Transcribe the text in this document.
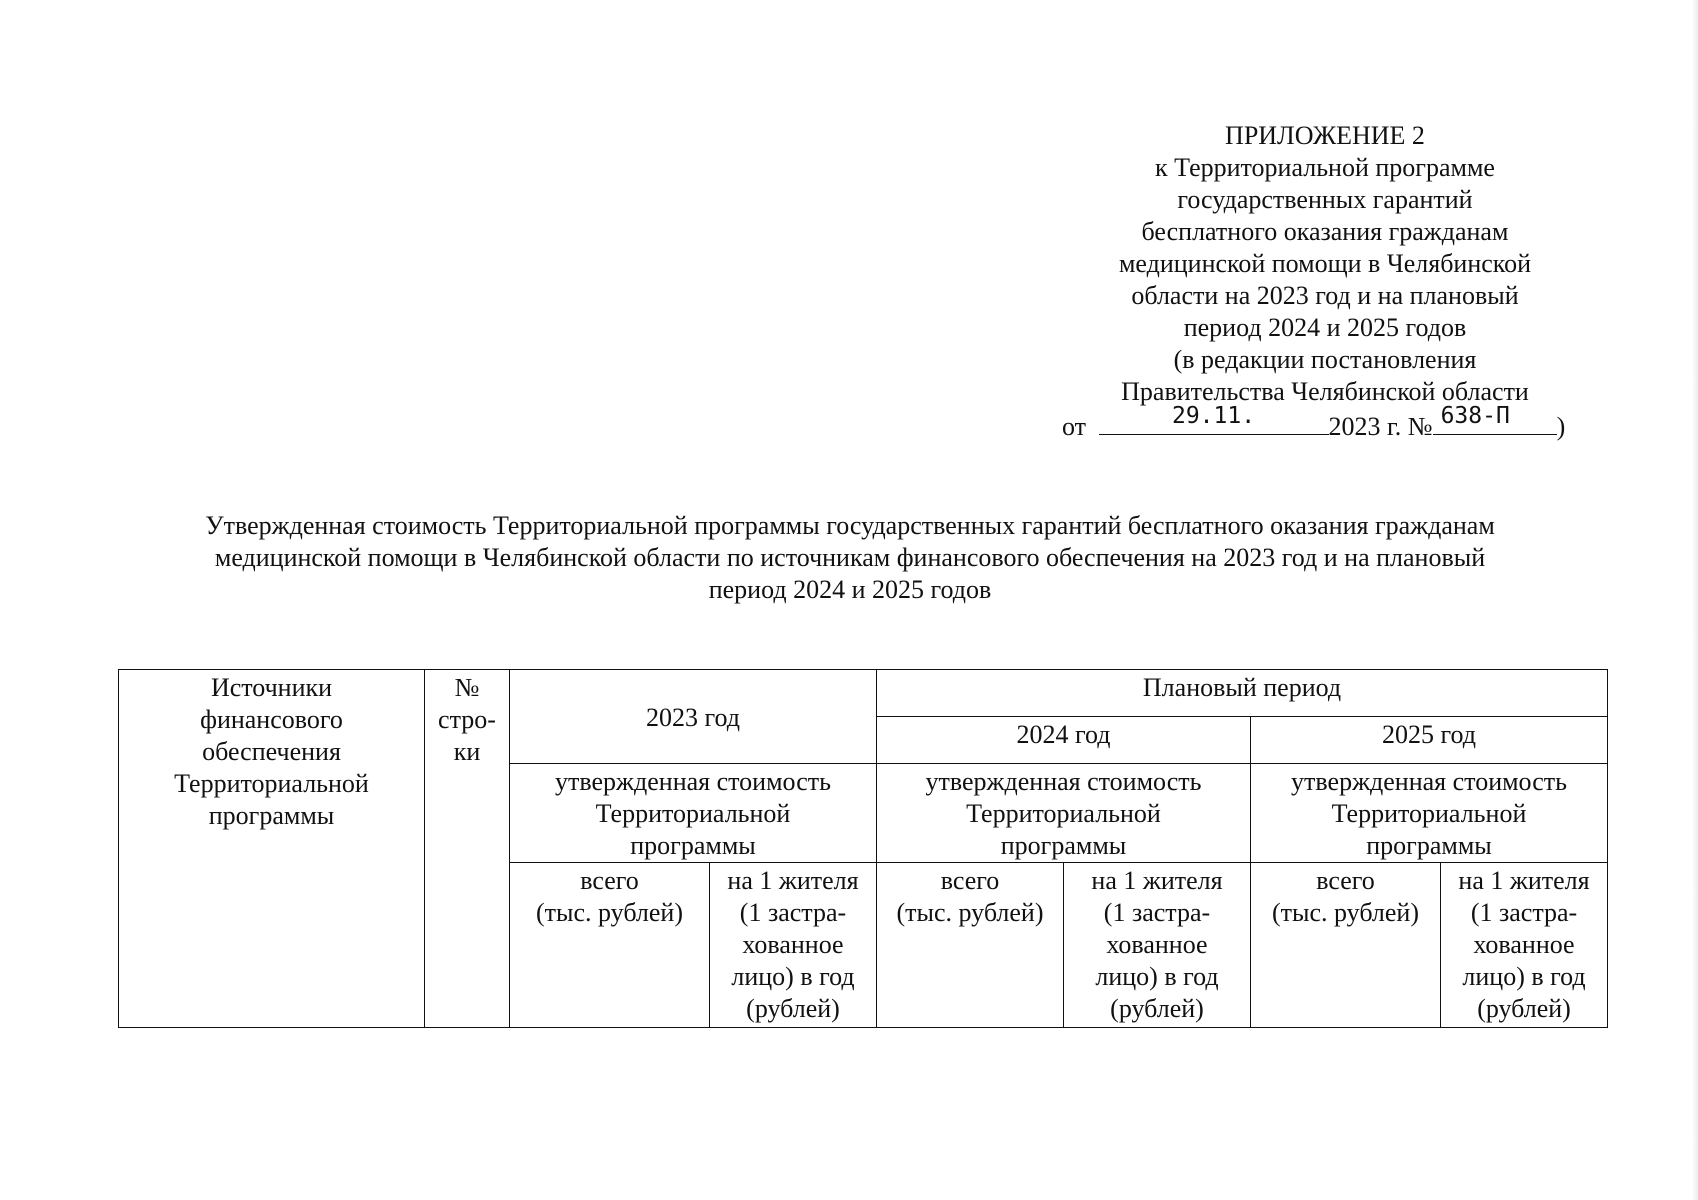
ПРИЛОЖЕНИЕ 2
к Территориальной программе
государственных гарантий
бесплатного оказания гражданам
медицинской помощи в Челябинской
области на 2023 год и на плановый
период 2024 и 2025 годов
(в редакции постановления
Правительства Челябинской области
от	29.11.	2023 г. № 638-П	)
Утвержденная стоимость Территориальной программы государственных гарантий бесплатного оказания гражданам
медицинской помощи в Челябинской области по источникам финансового обеспечения на 2023 год и на плановый
период 2024 и 2025 годов
Источники
финансового
обеспечения
Территориальной
программы	№
стро-
ки	2023 год		Плановый период			

				2024 год		2025 год	

		утвержденная стоимость
Территориальной
программы		утвержденная стоимость
Территориальной
программы		утвержденная стоимость
Территориальной
программы	

		всего
(тыс. рублей)	на 1 жителя
(1 застра-
хованное
лицо) в год
(рублей)	всего
(тыс. рублей)	на 1 жителя
(1 застра-
хованное
лицо) в год
(рублей)	всего
(тыс. рублей)	на 1 жителя
(1 застра-
хованное
лицо) в год
(рублей)
